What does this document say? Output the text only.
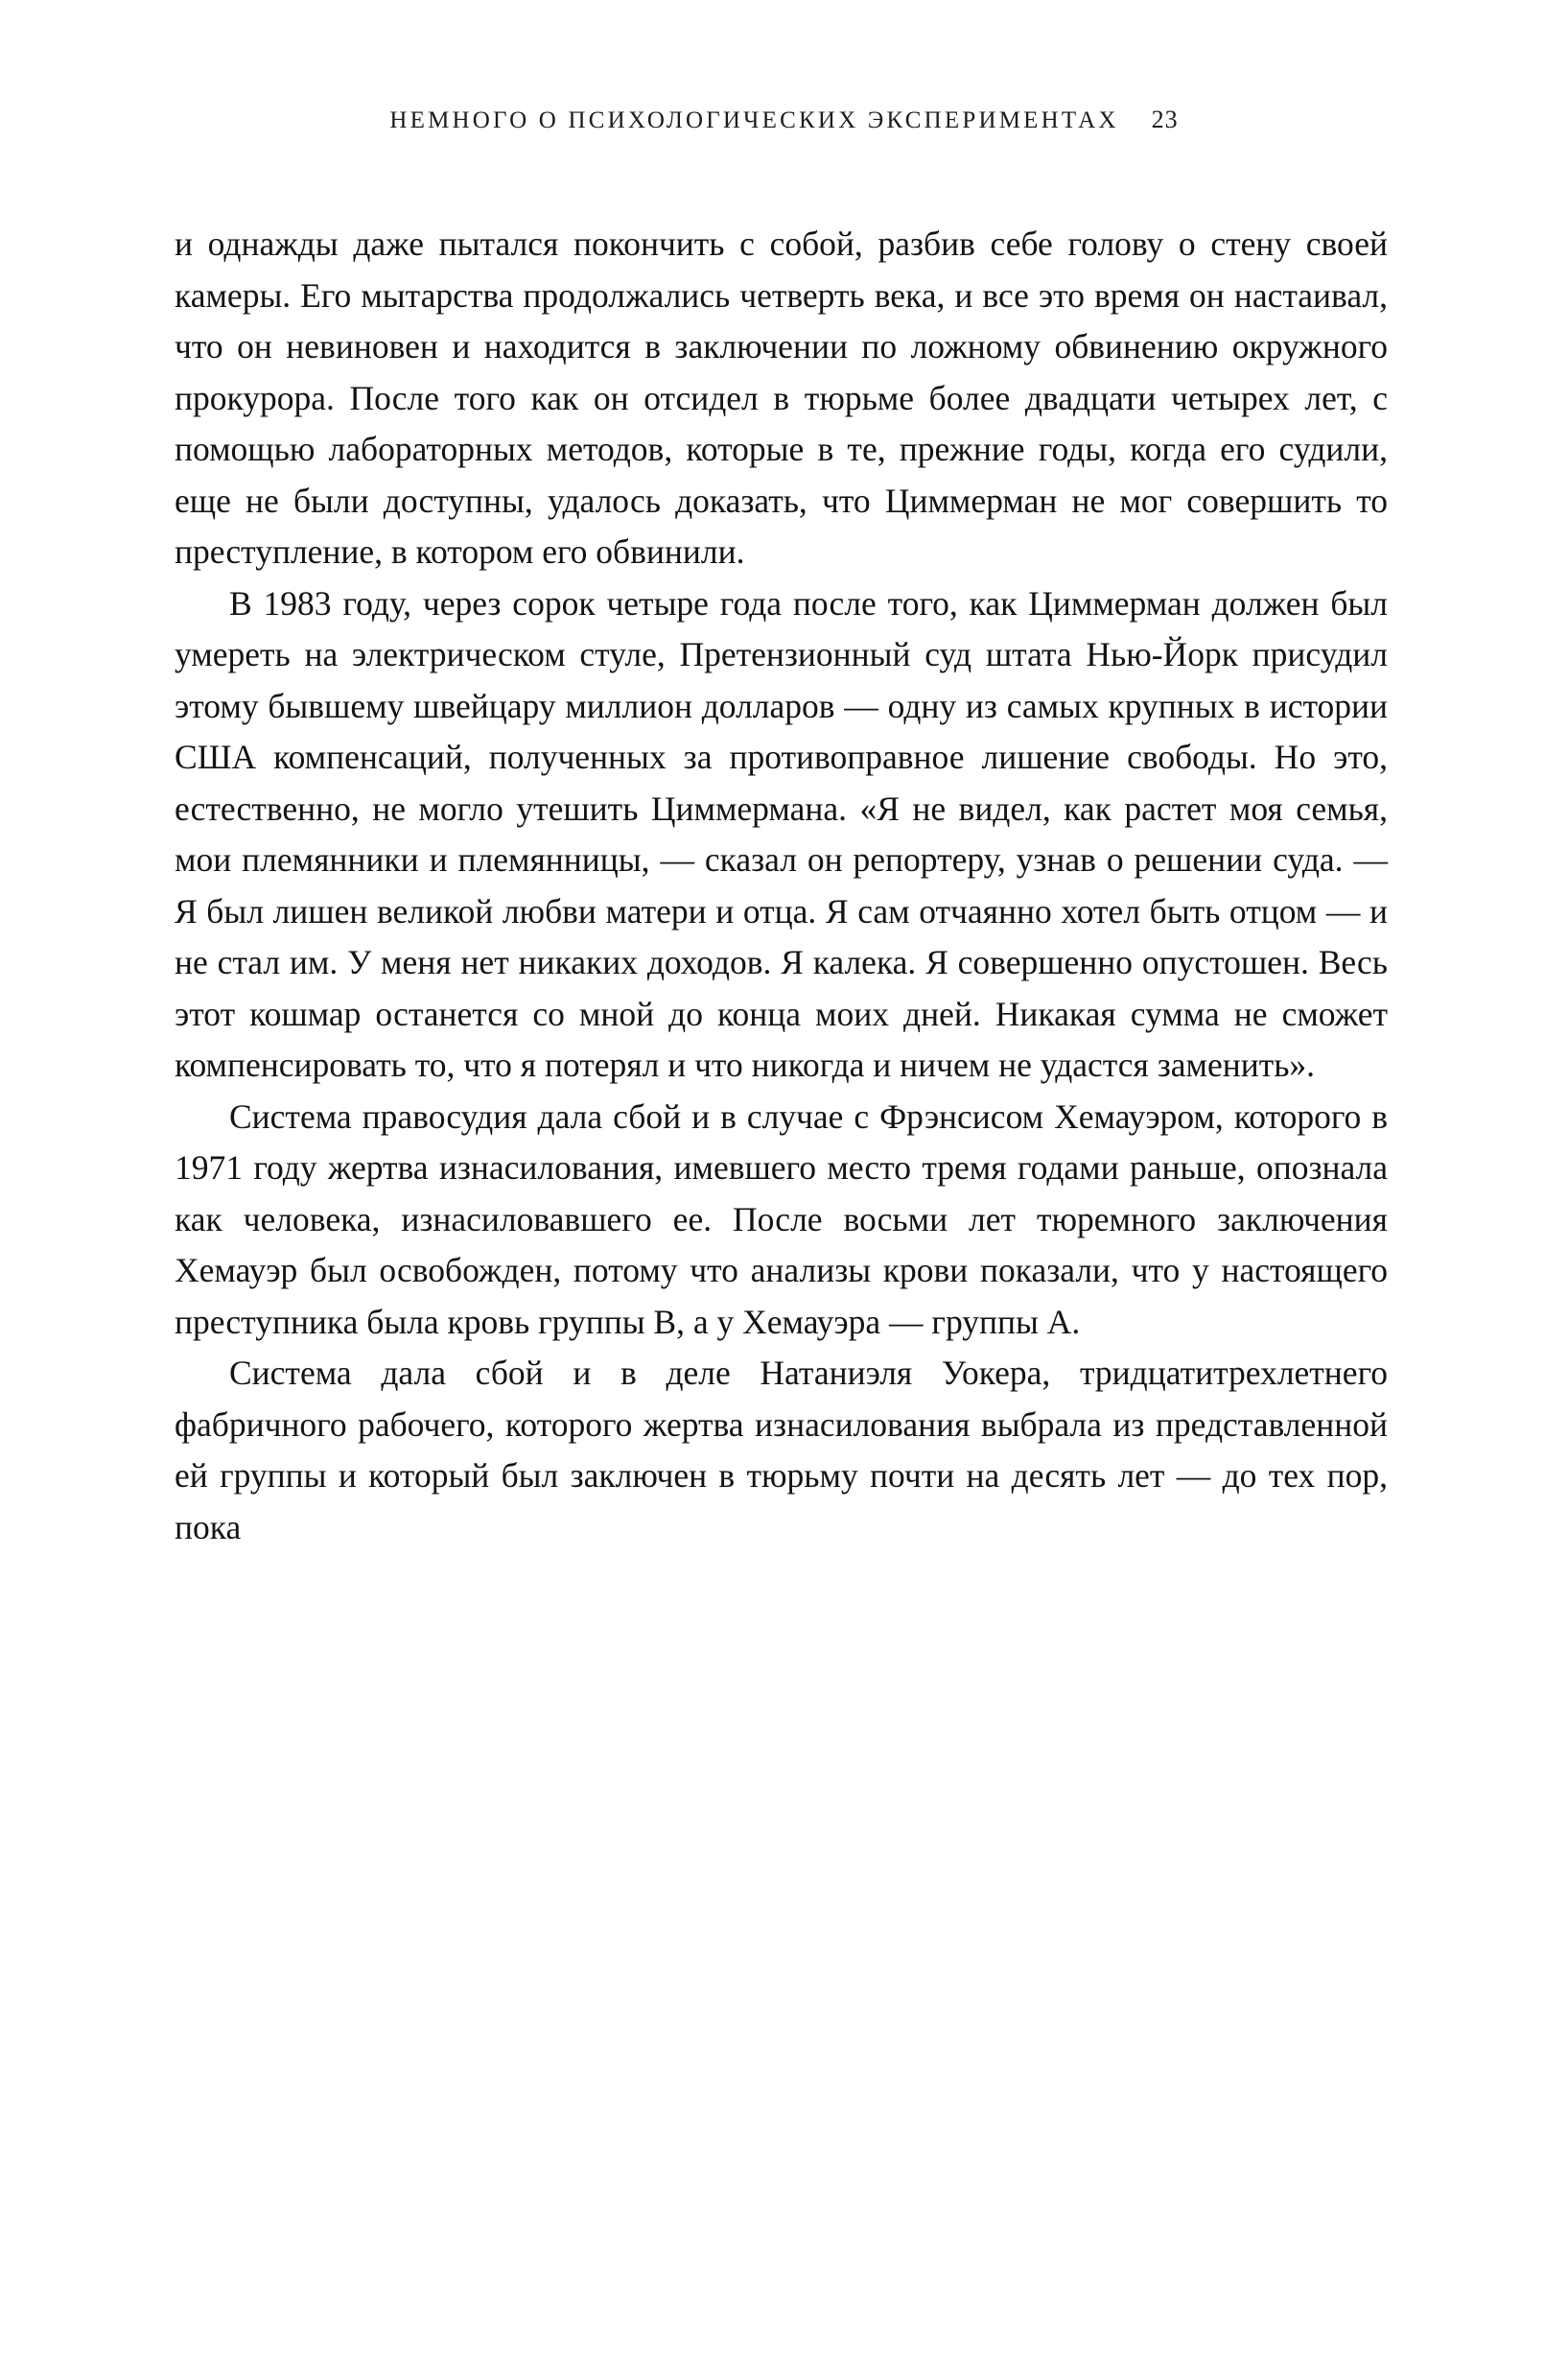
НЕМНОГО О ПСИХОЛОГИЧЕСКИХ ЭКСПЕРИМЕНТАХ 23

и однажды даже пытался покончить с собой, разбив себе голову о стену своей камеры. Его мытарства продолжались четверть века, и все это время он настаивал, что он невиновен и находится в заключении по ложному обвинению окружного прокурора. После того как он отсидел в тюрьме более двадцати четырех лет, с помощью лабораторных методов, которые в те, прежние годы, когда его судили, еще не были доступны, удалось доказать, что Циммерман не мог совершить то преступление, в котором его обвинили.

В 1983 году, через сорок четыре года после того, как Циммерман должен был умереть на электрическом стуле, Претензионный суд штата Нью-Йорк присудил этому бывшему швейцару миллион долларов — одну из самых крупных в истории США компенсаций, полученных за противоправное лишение свободы. Но это, естественно, не могло утешить Циммермана. «Я не видел, как растет моя семья, мои племянники и племянницы, — сказал он репортеру, узнав о решении суда. — Я был лишен великой любви матери и отца. Я сам отчаянно хотел быть отцом — и не стал им. У меня нет никаких доходов. Я калека. Я совершенно опустошен. Весь этот кошмар останется со мной до конца моих дней. Никакая сумма не сможет компенсировать то, что я потерял и что никогда и ничем не удастся заменить».

Система правосудия дала сбой и в случае с Фрэнсисом Хемауэром, которого в 1971 году жертва изнасилования, имевшего место тремя годами раньше, опознала как человека, изнасиловавшего ее. После восьми лет тюремного заключения Хемауэр был освобожден, потому что анализы крови показали, что у настоящего преступника была кровь группы B, а у Хемауэра — группы А.

Система дала сбой и в деле Натаниэля Уокера, тридцатитрехлетнего фабричного рабочего, которого жертва изнасилования выбрала из представленной ей группы и который был заключен в тюрьму почти на десять лет — до тех пор, пока
